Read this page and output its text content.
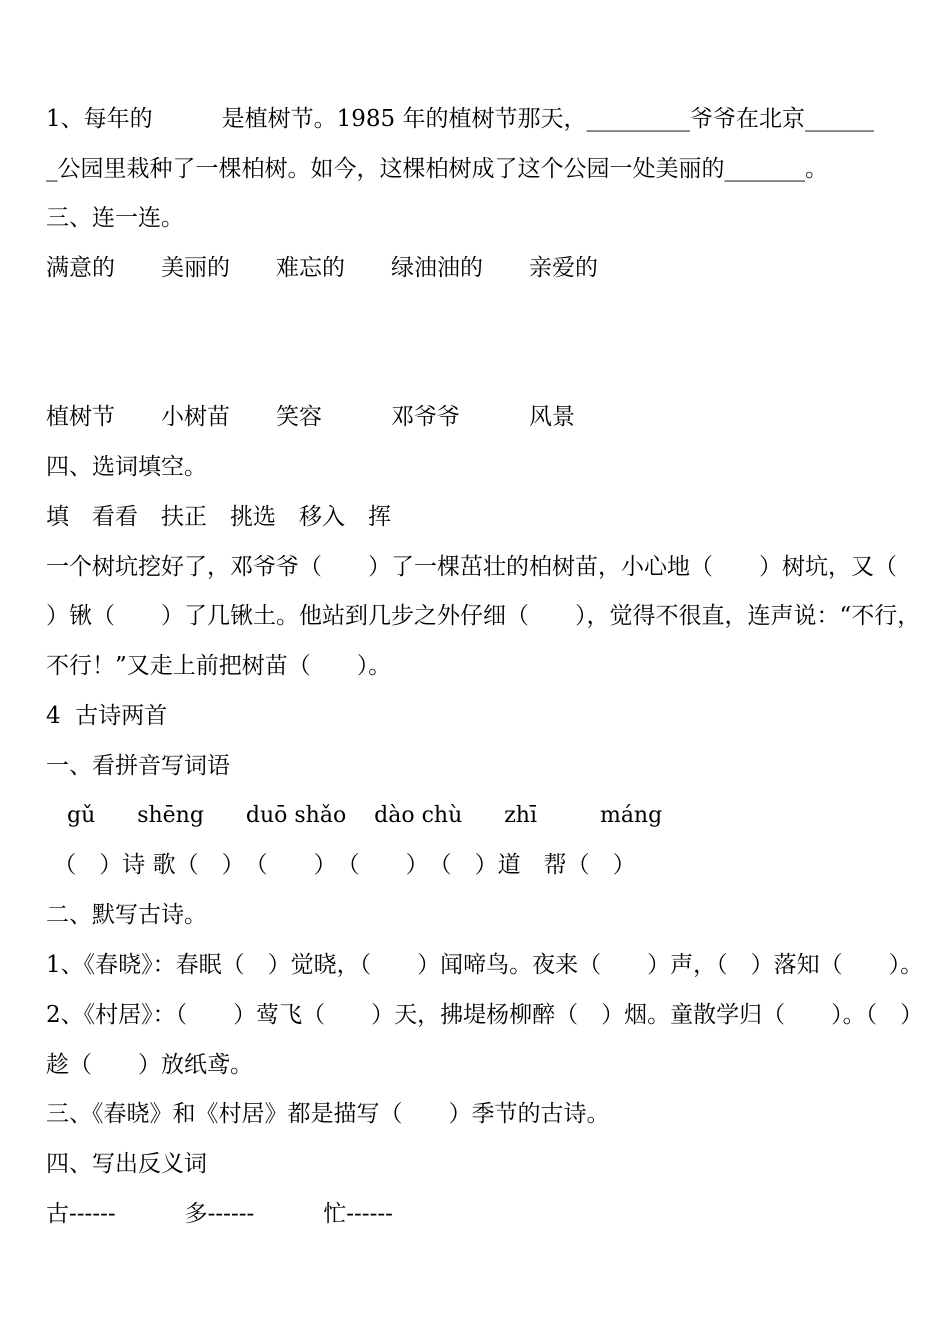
1、每年的　　　是植树节。1985 年的植树节那天，_________爷爷在北京______
_公园里栽种了一棵柏树。如今，这棵柏树成了这个公园一处美丽的_______。
三、连一连。
满意的　　美丽的　　难忘的　　绿油油的　　亲爱的
植树节　　小树苗　　笑容　　　邓爷爷　　　风景
四、选词填空。
填　看看　扶正　挑选　移入　挥
一个树坑挖好了，邓爷爷（　　）了一棵茁壮的柏树苗，小心地（　　）树坑，又（
）锹（　　）了几锹土。他站到几步之外仔细（　　），觉得不很直，连声说：“不行，
不行！”又走上前把树苗（　　）。
4  古诗两首
一、看拼音写词语
gǔ      shēng      duō shǎo    dào chù      zhī         máng
（　）诗 歌（　）　（　　）　（　　）　（　）道　帮（　）
二、默写古诗。
1、《春晓》：春眠（　）觉晓，（　　）闻啼鸟。夜来（　　）声，（　）落知（　　）。
2、《村居》：（　　）莺飞（　　）天，拂堤杨柳醉（　）烟。童散学归（　　）。（　）
趁（　　）放纸鸢。
三、《春晓》和《村居》都是描写（　　）季节的古诗。
四、写出反义词
古------　　　多------　　　忙------
